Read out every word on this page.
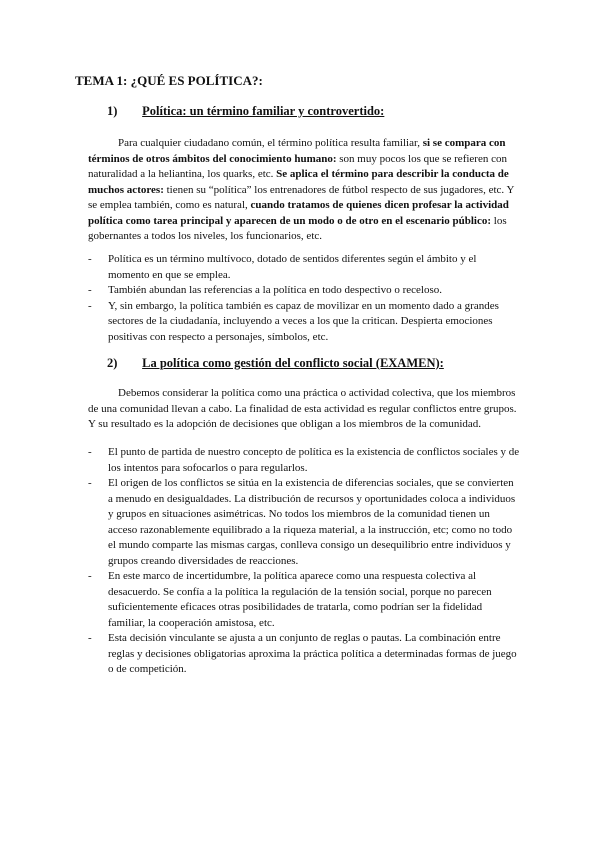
TEMA 1: ¿QUÉ ES POLÍTICA?:
1) Política: un término familiar y controvertido:
Para cualquier ciudadano común, el término política resulta familiar, si se compara con términos de otros ámbitos del conocimiento humano: son muy pocos los que se refieren con naturalidad a la heliantina, los quarks, etc. Se aplica el término para describir la conducta de muchos actores: tienen su “política” los entrenadores de fútbol respecto de sus jugadores, etc. Y se emplea también, como es natural, cuando tratamos de quienes dicen profesar la actividad política como tarea principal y aparecen de un modo o de otro en el escenario público: los gobernantes a todos los niveles, los funcionarios, etc.
- Política es un término multívoco, dotado de sentidos diferentes según el ámbito y el momento en que se emplea.
- También abundan las referencias a la política en todo despectivo o receloso.
- Y, sin embargo, la política también es capaz de movilizar en un momento dado a grandes sectores de la ciudadanía, incluyendo a veces a los que la critican. Despierta emociones positivas con respecto a personajes, símbolos, etc.
2) La política como gestión del conflicto social (EXAMEN):
Debemos considerar la política como una práctica o actividad colectiva, que los miembros de una comunidad llevan a cabo. La finalidad de esta actividad es regular conflictos entre grupos. Y su resultado es la adopción de decisiones que obligan a los miembros de la comunidad.
- El punto de partida de nuestro concepto de política es la existencia de conflictos sociales y de los intentos para sofocarlos o para regularlos.
- El origen de los conflictos se sitúa en la existencia de diferencias sociales, que se convierten a menudo en desigualdades. La distribución de recursos y oportunidades coloca a individuos y grupos en situaciones asimétricas. No todos los miembros de la comunidad tienen un acceso razonablemente equilibrado a la riqueza material, a la instrucción, etc; como no todo el mundo comparte las mismas cargas, conlleva consigo un desequilibrio entre individuos y grupos creando diversidades de reacciones.
- En este marco de incertidumbre, la política aparece como una respuesta colectiva al desacuerdo. Se confía a la política la regulación de la tensión social, porque no parecen suficientemente eficaces otras posibilidades de tratarla, como podrían ser la fidelidad familiar, la cooperación amistosa, etc.
- Esta decisión vinculante se ajusta a un conjunto de reglas o pautas. La combinación entre reglas y decisiones obligatorias aproxima la práctica política a determinadas formas de juego o de competición.
